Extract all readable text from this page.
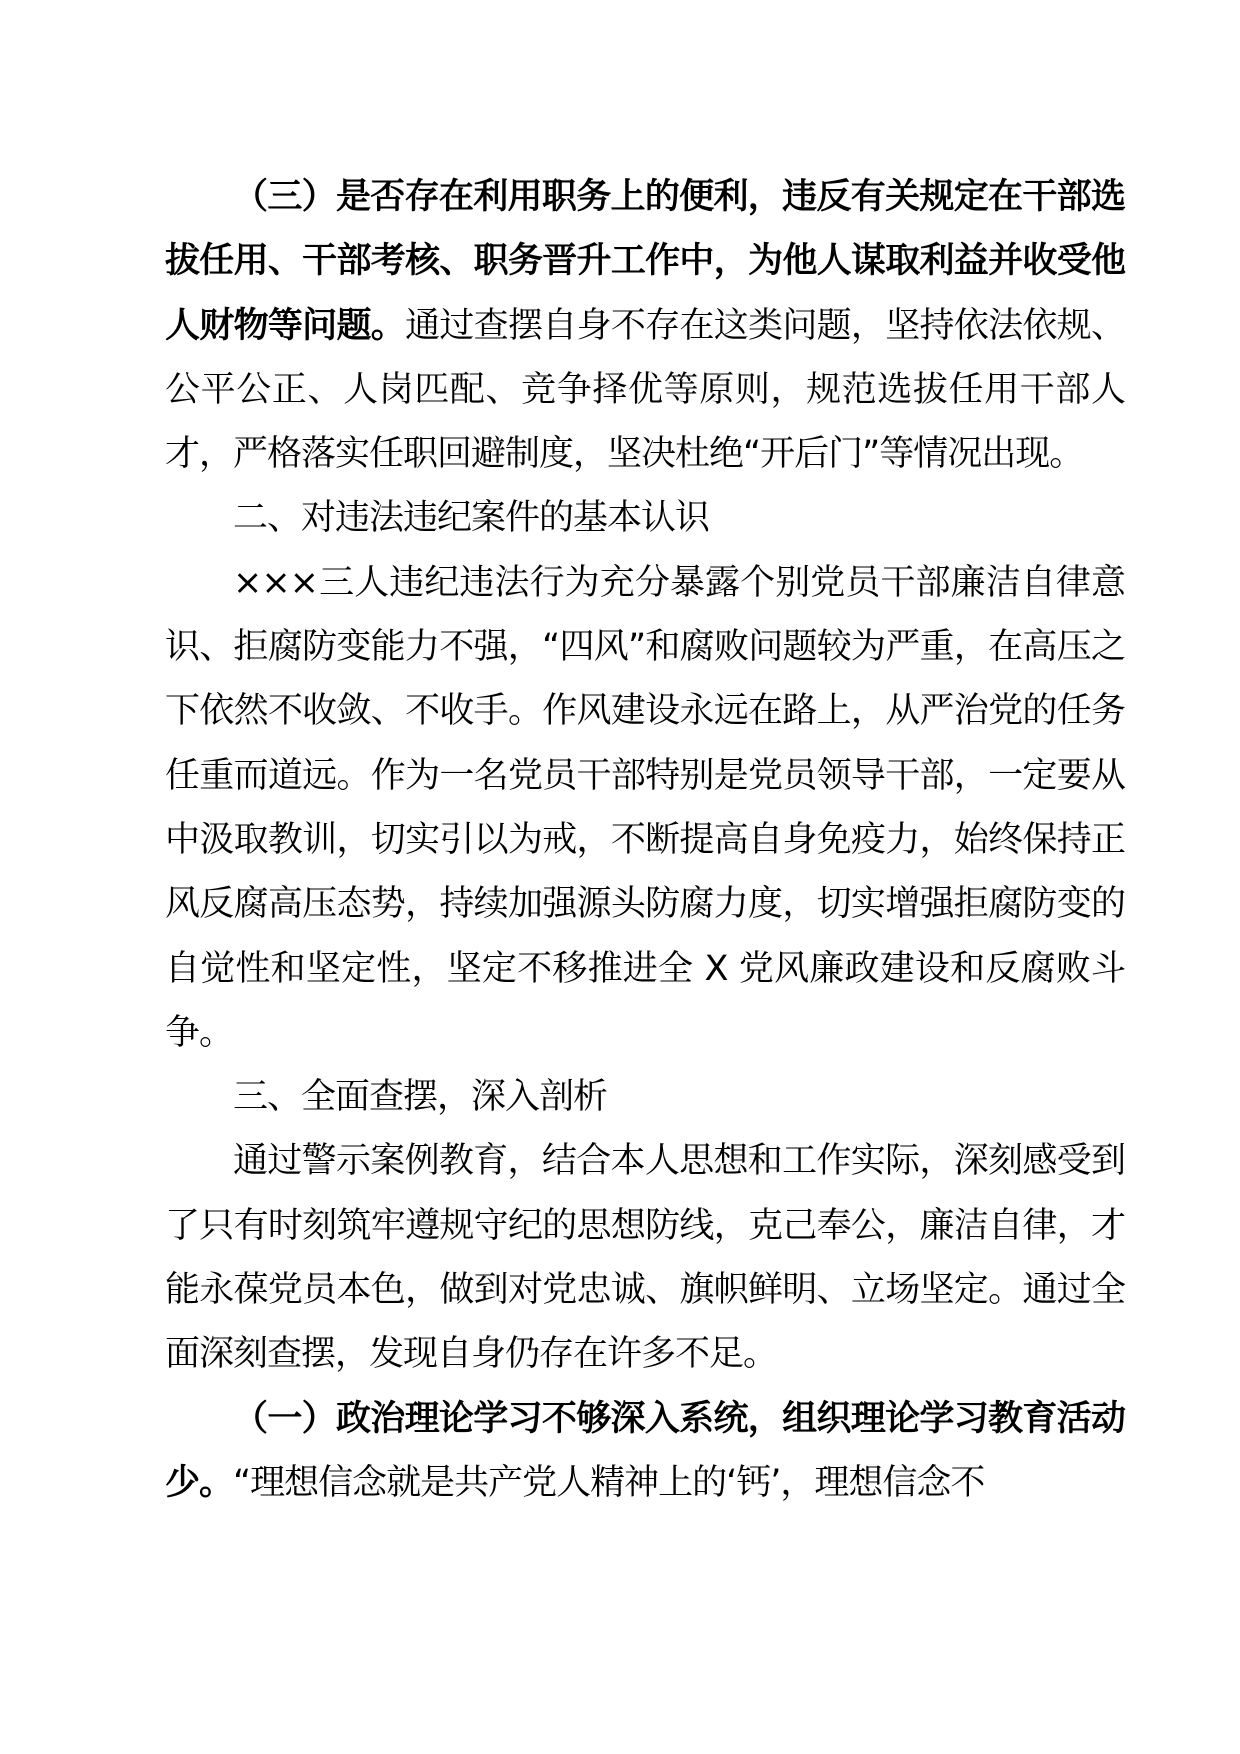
（三）是否存在利用职务上的便利，违反有关规定在干部选拔任用、干部考核、职务晋升工作中，为他人谋取利益并收受他人财物等问题。通过查摆自身不存在这类问题，坚持依法依规、公平公正、人岗匹配、竞争择优等原则，规范选拔任用干部人才，严格落实任职回避制度，坚决杜绝“开后门”等情况出现。

二、对违法违纪案件的基本认识

×××三人违纪违法行为充分暴露个别党员干部廉洁自律意识、拒腐防变能力不强，“四风”和腐败问题较为严重，在高压之下依然不收敛、不收手。作风建设永远在路上，从严治党的任务任重而道远。作为一名党员干部特别是党员领导干部，一定要从中汲取教训，切实引以为戒，不断提高自身免疫力，始终保持正风反腐高压态势，持续加强源头防腐力度，切实增强拒腐防变的自觉性和坚定性，坚定不移推进全 X 党风廉政建设和反腐败斗争。

三、全面查摆，深入剖析

通过警示案例教育，结合本人思想和工作实际，深刻感受到了只有时刻筑牢遵规守纪的思想防线，克己奉公，廉洁自律，才能永葆党员本色，做到对党忠诚、旗帜鲜明、立场坚定。通过全面深刻查摆，发现自身仍存在许多不足。

（一）政治理论学习不够深入系统，组织理论学习教育活动少。“理想信念就是共产党人精神上的‘钙’，理想信念不
